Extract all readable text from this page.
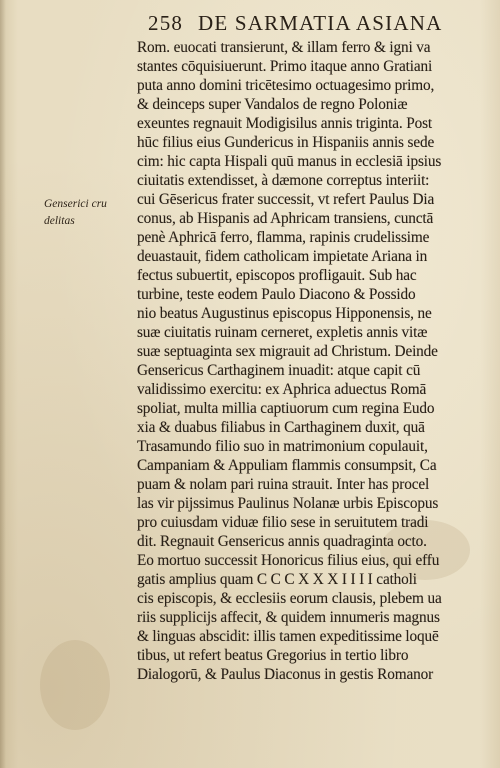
258 DE SARMATIA ASIANA
Genserici cru
delitas
Rom. euocati transierunt, & illam ferro & igni va
stantes cōquisiuerunt. Primo itaque anno Gratiani
puta anno domini tricētesimo octuagesimo primo,
& deinceps super Vandalos de regno Poloniæ
exeuntes regnauit Modigisilus annis triginta. Post
hūc filius eius Gundericus in Hispaniis annis sede
cim: hic capta Hispali quū manus in ecclesiā ipsius
ciuitatis extendisset, à dæmone correptus interiit:
cui Gēsericus frater successit, vt refert Paulus Dia
conus, ab Hispanis ad Aphricam transiens, cunctā
penè Aphricā ferro, flamma, rapinis crudelissime
deuastauit, fidem catholicam impietate Ariana in
fectus subuertit, episcopos profligauit. Sub hac
turbine, teste eodem Paulo Diacono & Possido
nio beatus Augustinus episcopus Hipponensis, ne
suæ ciuitatis ruinam cerneret, expletis annis vitæ
suæ septuaginta sex migrauit ad Christum. Deinde
Gensericus Carthaginem inuadit: atque capit cū
validissimo exercitu: ex Aphrica aduectus Romā
spoliat, multa millia captiuorum cum regina Eudo
xia & duabus filiabus in Carthaginem duxit, quā
Trasamundo filio suo in matrimonium copulauit,
Campaniam & Appuliam flammis consumpsit, Ca
puam & nolam pari ruina strauit. Inter has procel
las vir pijssimus Paulinus Nolanæ urbis Episcopus
pro cuiusdam viduæ filio sese in seruitutem tradi
dit. Regnauit Gensericus annis quadraginta octo.
Eo mortuo successit Honoricus filius eius, qui effu
gatis amplius quam C C C X X X I I I I catholi
cis episcopis, & ecclesiis eorum clausis, plebem ua
riis supplicijs affecit, & quidem innumeris magnus
& linguas abscidit: illis tamen expeditissime loquē
tibus, ut refert beatus Gregorius in tertio libro
Dialogorū, & Paulus Diaconus in gestis Romanor
